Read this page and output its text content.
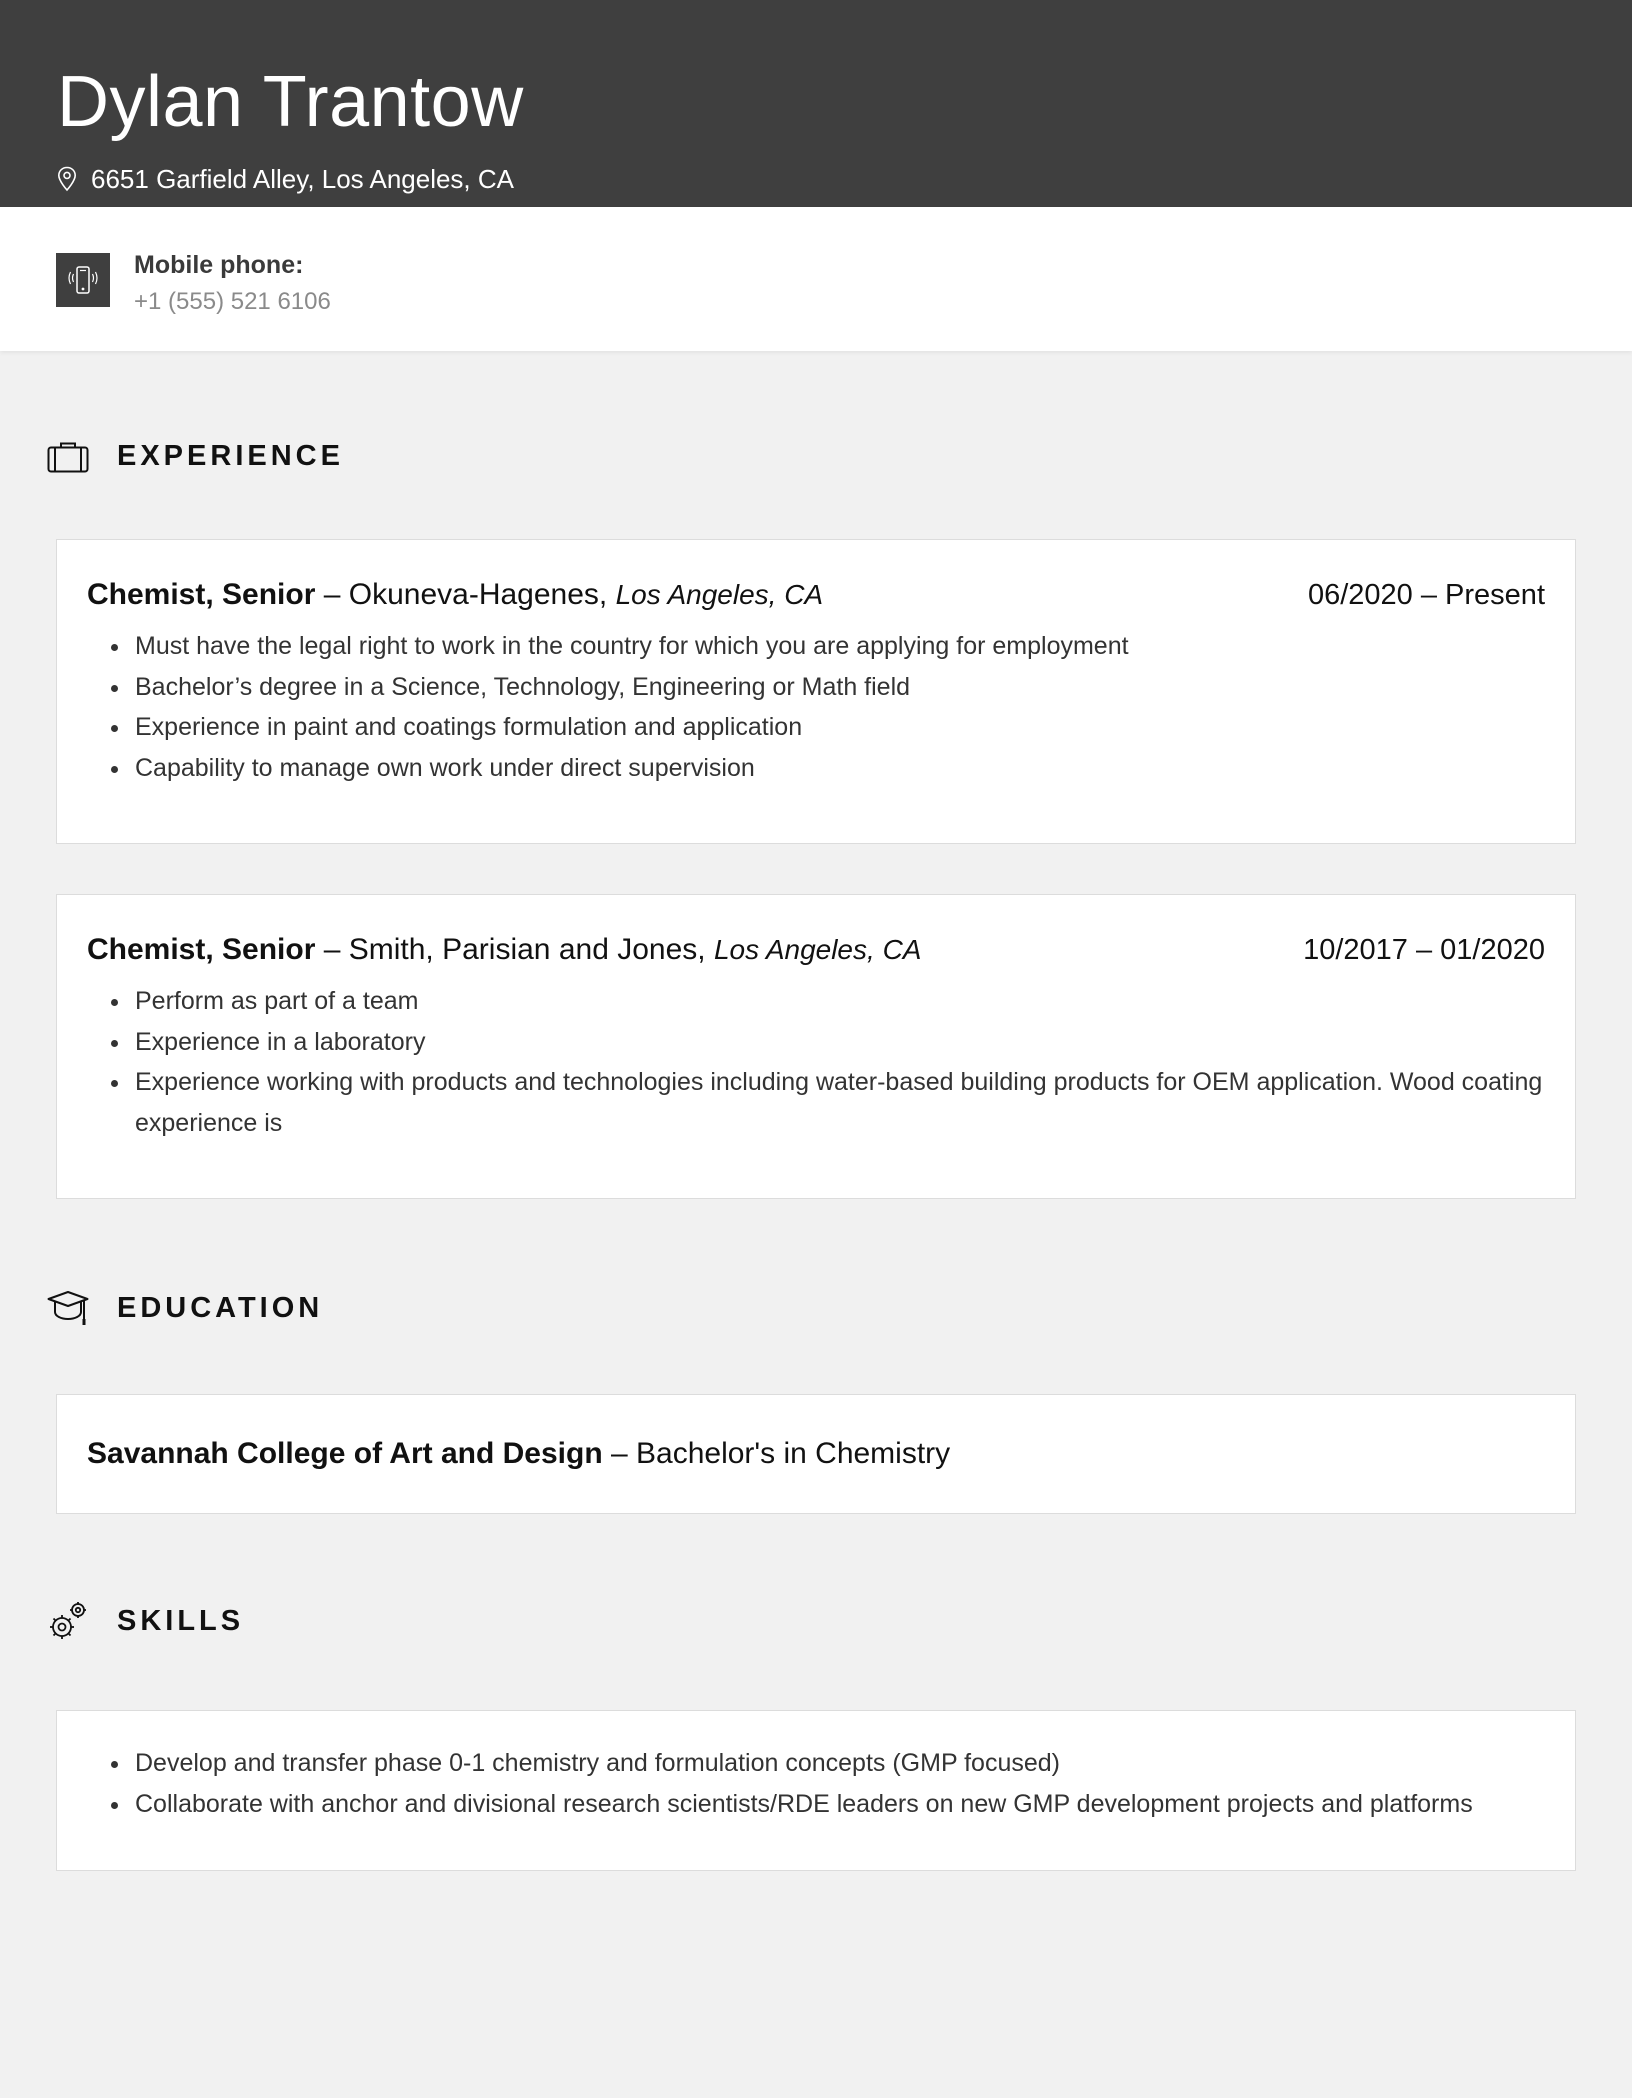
Dylan Trantow
6651 Garfield Alley, Los Angeles, CA
Mobile phone:
+1 (555) 521 6106
EXPERIENCE
Chemist, Senior – Okuneva-Hagenes, Los Angeles, CA	06/2020 – Present
Must have the legal right to work in the country for which you are applying for employment
Bachelor’s degree in a Science, Technology, Engineering or Math field
Experience in paint and coatings formulation and application
Capability to manage own work under direct supervision
Chemist, Senior – Smith, Parisian and Jones, Los Angeles, CA	10/2017 – 01/2020
Perform as part of a team
Experience in a laboratory
Experience working with products and technologies including water-based building products for OEM application. Wood coating experience is
EDUCATION
Savannah College of Art and Design – Bachelor's in Chemistry
SKILLS
Develop and transfer phase 0-1 chemistry and formulation concepts (GMP focused)
Collaborate with anchor and divisional research scientists/RDE leaders on new GMP development projects and platforms
